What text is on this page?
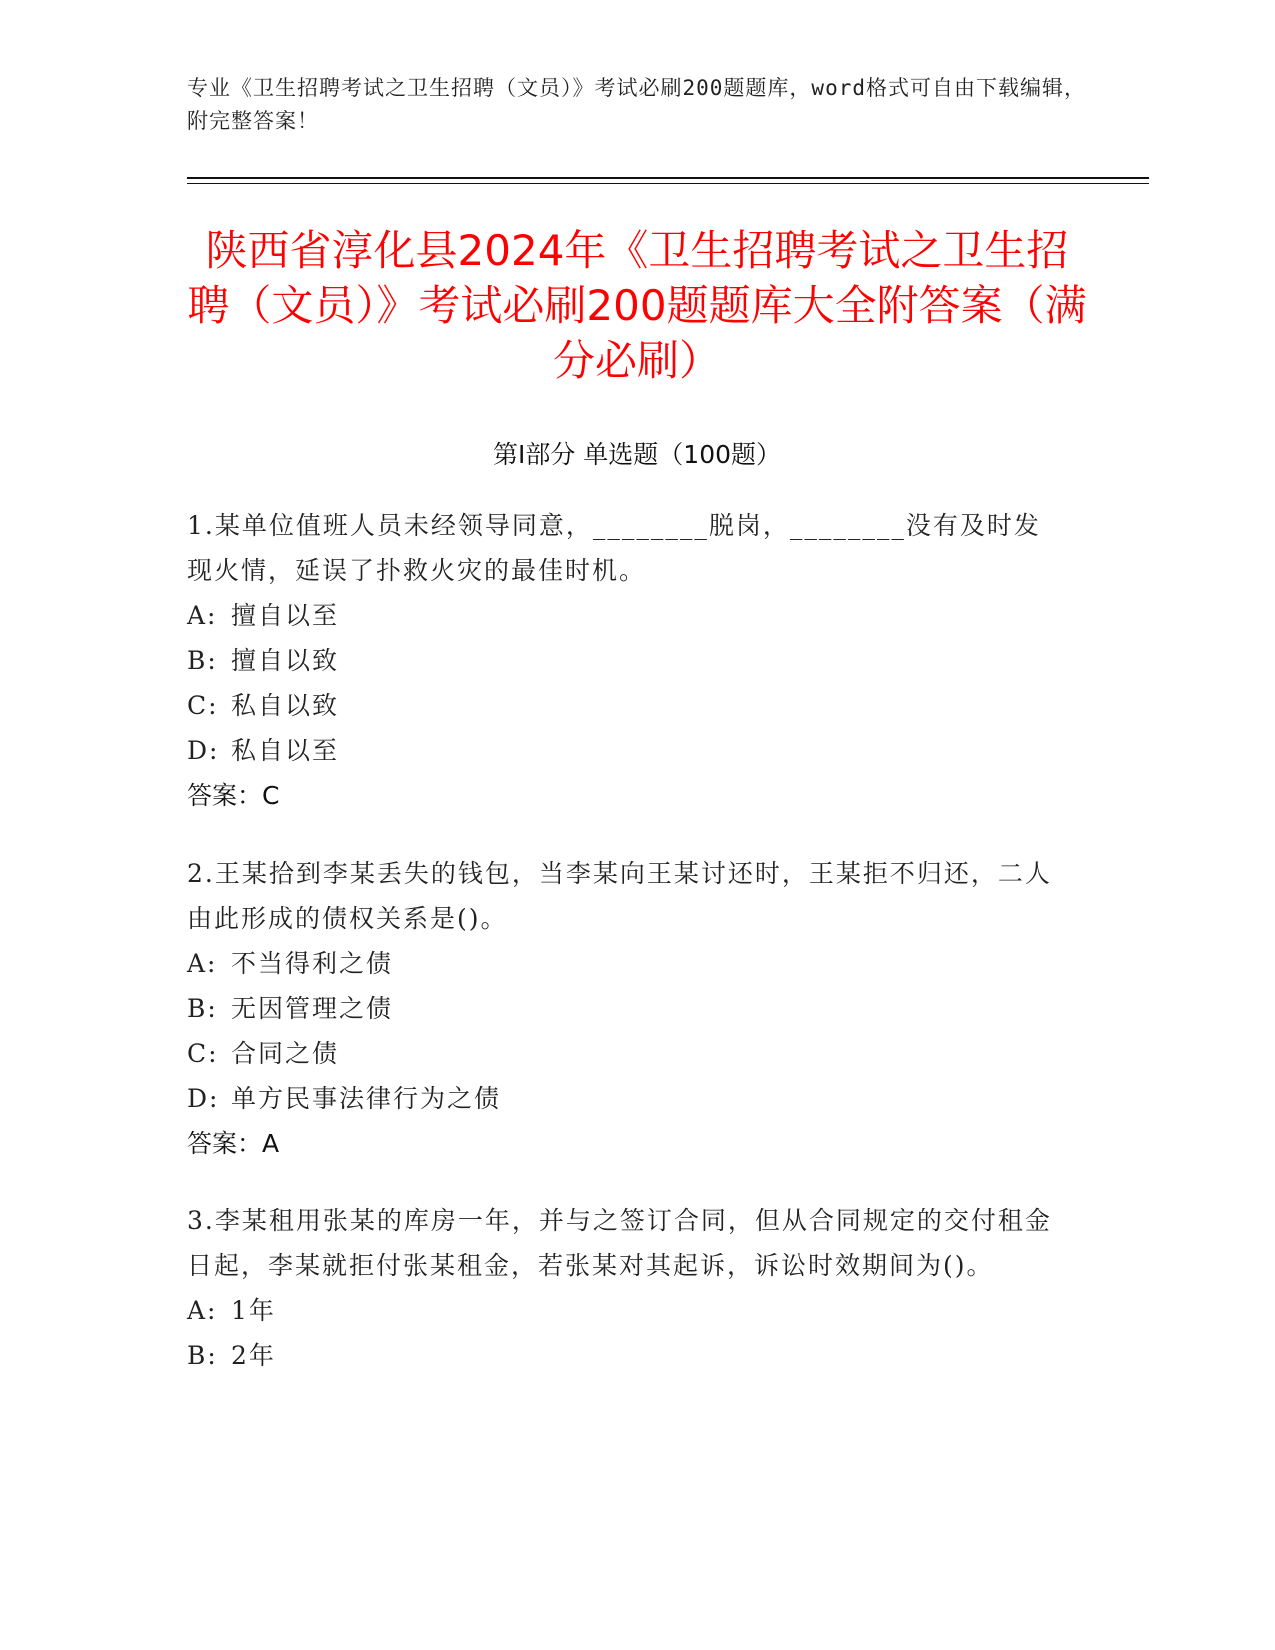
专业《卫生招聘考试之卫生招聘（文员）》考试必刷200题题库，word格式可自由下载编辑，附完整答案！
陕西省淳化县2024年《卫生招聘考试之卫生招聘（文员）》考试必刷200题题库大全附答案（满分必刷）
第I部分 单选题（100题）

1.某单位值班人员未经领导同意，________脱岗，________没有及时发现火情，延误了扑救火灾的最佳时机。

A: 擅自以至
B: 擅自以致
C: 私自以致
D: 私自以至
答案：C

2.王某拾到李某丢失的钱包，当李某向王某讨还时，王某拒不归还，二人由此形成的债权关系是()。

A: 不当得利之债
B: 无因管理之债
C: 合同之债
D: 单方民事法律行为之债
答案：A

3.李某租用张某的库房一年，并与之签订合同，但从合同规定的交付租金日起，李某就拒付张某租金，若张某对其起诉，诉讼时效期间为()。

A: 1年
B: 2年
